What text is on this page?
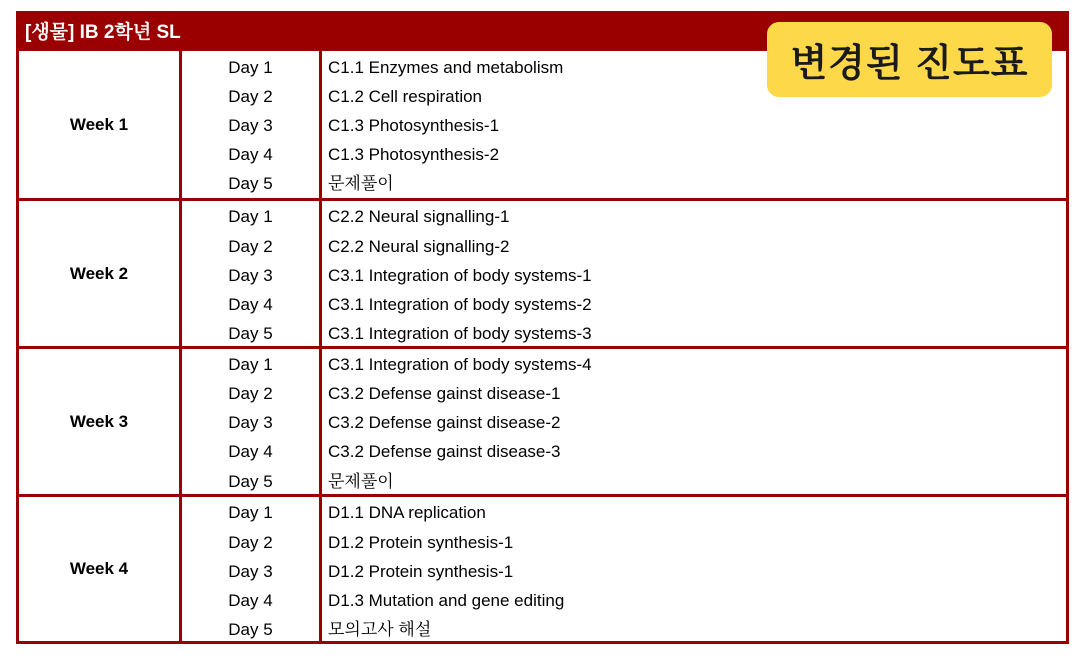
[생물] IB 2학년 SL
Week 1
Day 1	C1.1 Enzymes and metabolism
Day 2	C1.2 Cell respiration
Day 3	C1.3 Photosynthesis-1
Day 4	C1.3 Photosynthesis-2
Day 5	문제풀이
Week 2
Day 1	C2.2 Neural signalling-1
Day 2	C2.2 Neural signalling-2
Day 3	C3.1 Integration of body systems-1
Day 4	C3.1 Integration of body systems-2
Day 5	C3.1 Integration of body systems-3
Week 3
Day 1	C3.1 Integration of body systems-4
Day 2	C3.2 Defense gainst disease-1
Day 3	C3.2 Defense gainst disease-2
Day 4	C3.2 Defense gainst disease-3
Day 5	문제풀이
Week 4
Day 1	D1.1 DNA replication
Day 2	D1.2 Protein synthesis-1
Day 3	D1.2 Protein synthesis-1
Day 4	D1.3 Mutation and gene editing
Day 5	모의고사 해설
변경된 진도표
